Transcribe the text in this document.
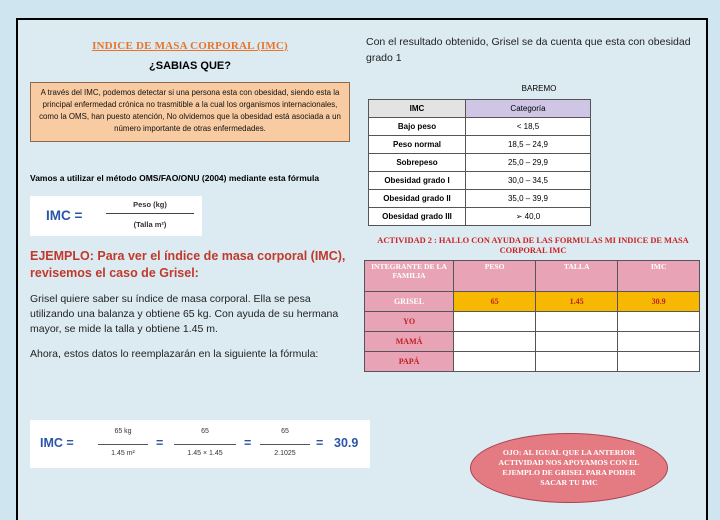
INDICE DE MASA CORPORAL (IMC)
¿SABIAS QUE?
A través del IMC, podemos detectar si una persona esta con obesidad, siendo esta la principal enfermedad crónica no trasmitible a la cual los organismos internacionales, como la OMS, han puesto atención, No olvidemos que la obesidad está asociada a un número importante de otras enfermedades.
Vamos a utilizar el método OMS/FAO/ONU (2004) mediante esta fórmula
IMC =
Peso (kg)
(Talla m²)
EJEMPLO: Para ver el índice de masa corporal (IMC), revisemos el caso de Grisel:
Grisel quiere saber su índice de masa corporal. Ella se pesa utilizando una balanza y obtiene 65 kg. Con ayuda de su hermana mayor, se mide la talla y obtiene 1.45 m.
Ahora, estos datos lo reemplazarán en la siguiente la fórmula:
IMC =
65 kg
1.45 m²
=
65
1.45 × 1.45
=
65
2.1025
= 30.9
Con el resultado obtenido, Grisel se da cuenta que esta con obesidad grado 1
BAREMO
IMC	Categoría
Bajo peso	< 18,5
Peso normal	18,5 – 24,9
Sobrepeso	25,0 – 29,9
Obesidad grado I	30,0 – 34,5
Obesidad grado II	35,0 – 39,9
Obesidad grado III	➢ 40,0
ACTIVIDAD 2 : HALLO CON AYUDA DE LAS FORMULAS MI INDICE DE MASA CORPORAL IMC
INTEGRANTE DE LA FAMILIA	PESO	TALLA	IMC
GRISEL	65	1.45	30.9
YO			
MAMÁ			
PAPÁ			
OJO: AL IGUAL QUE LA ANTERIOR ACTIVIDAD NOS APOYAMOS CON EL EJEMPLO DE GRISEL PARA PODER SACAR TU IMC
